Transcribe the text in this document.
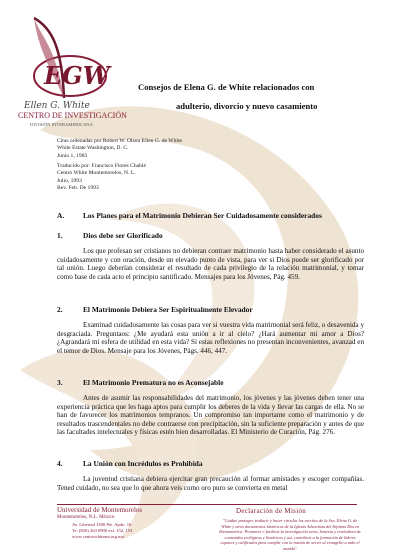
EGW
Ellen G. White
CENTRO DE INVESTIGACIÓN
DIVISIÓN INTERAMERICANA
Consejos de Elena G. de White relacionados con
adulterio, divorcio y nuevo casamiento
Citas ordenadas por Robert W. Olson Ellen G. de White
White Estate Washington, D. C.
Junio 1, 1983
Traducido por: Francisco Flores Chablé
Centro White Montemorelos, N. L.
Julio, 1993
Rev. Feb. De 1993
A.	Los Planes para el Matrimonio Debieran Ser Cuidadosamente considerados
1.	Dios debe ser Glorificado
Los que profesan ser cristianos no debieran contraer matrimonio hasta haber considerado el asunto cuidadosamente y con oración, desde un elevado punto de vista, para ver si Dios puede ser glorificado por tal unión. Luego deberían considerar el resultado de cada privilegio de la relación matrimonial, y tomar como base de cada acto el principio santificado. Mensajes para los Jóvenes, Pág. 459.
2.	El Matrimonio Debiera Ser Espiritualmente Elevador
Examinad cuidadosamente las cosas para ver si vuestra vida matrimonial será feliz, o desavenida y desgraciada. Preguntaos: ¿Me ayudará esta unión a ir al cielo? ¿Hará aumentar mi amor a Dios? ¿Agrandará mi esfera de utilidad en esta vida? Si estas reflexiones no presentan inconvenientes, avanzad en el temor de Dios. Mensaje para los Jóvenes, Págs. 446, 447.
3.	El Matrimonio Prematura no es Aconsejable
Antes de asumir las responsabilidades del matrimonio, los jóvenes y las jóvenes deben tener una experiencia práctica que les haga aptos para cumplir los deberes de la vida y llevar las cargas de ella. No se han de favorecer los matrimonios tempranos. Un compromiso tan importante como el matrimonio y de resultados trascendentales no debe contraerse con precipitación, sin la suficiente preparación y antes de que las facultades intelectuales y físicas estén bien desarrolladas. El Ministerio de Curación, Pág. 276.
4.	La Unión con Incrédulos es Prohibida
La juventud cristiana debiera ejercitar gran precaución al formar amistades y escoger compañías. Tened cuidado, no sea que lo que ahora veis como oro puro se convierta en metal
Universidad de Montemorelos
Montemorelos, N.L. México
Av. Libertad 1300 Pte. Apdo. 16
Te. (826) 263 0900 ext. 152, 153
www.centrowhitesm.org.mx
Declaración de Misión
"Cuidar, proteger, traducir y hacer circular los escritos de la Sra. Elena G. de White y otros documentos históricos de la Iglesia Adventista del Séptimo Día en Iberoamérica. Promover e facilitar la investigación seria, honesta y reveladora de contenidos teológicos e históricos y así, contribuir a la formación de líderes capaces y calificados para cumplir con la misión de servir al evangelio a todo el mundo"
